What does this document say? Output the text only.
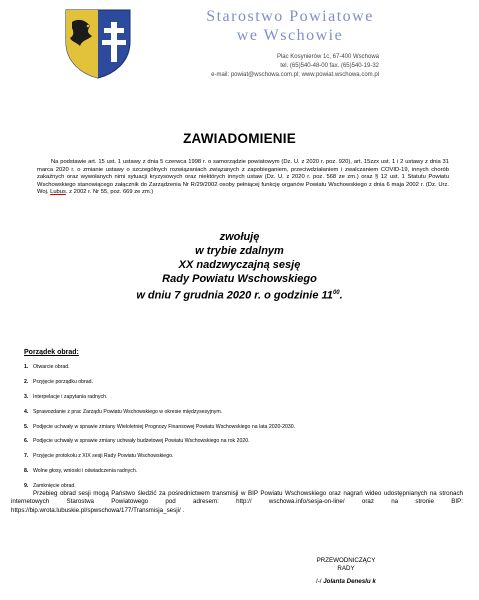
Starostwo Powiatowe
we Wschowie
Plac Kosynierów 1c, 67-400 Wschowa
tel. (65)540-48-00 fax. (65)540-19-32
e-mail: powiat@wschowa.com.pl; www.powiat.wschowa.com.pl
ZAWIADOMIENIE
Na podstawie art. 15 ust. 1 ustawy z dnia 5 czerwca 1998 r. o samorządzie powiatowym (Dz. U. z 2020 r. poz. 920), art. 15zzx ust. 1 i 2 ustawy z dnia 31 marca 2020 r. o zmianie ustawy o szczególnych rozwiązaniach związanych z zapobieganiem, przeciwdziałaniem i zwalczaniem COVID-19, innych chorób zakaźnych oraz wywołanych nimi sytuacji kryzysowych oraz niektórych innych ustaw (Dz. U. z 2020 r. poz. 568 ze zm.) oraz § 12 ust. 1 Statutu Powiatu Wschowskiego stanowiącego załącznik do Zarządzenia Nr R/29/2002 osoby pełniącej funkcję organów Powiatu Wschowskiego z dnia 6 maja 2002 r. (Dz. Urz. Woj. Lubus. z 2002 r. Nr 55, poz. 669 ze zm.)
zwołuję
w trybie zdalnym
XX nadzwyczajną sesję
Rady Powiatu Wschowskiego
w dniu 7 grudnia 2020 r. o godzinie $11^{00}$.
Porządek obrad:
1. Otwarcie obrad.
2. Przyjęcie porządku obrad.
3. Interpelacje i zapytania radnych.
4. Sprawozdanie z prac Zarządu Powiatu Wschowskiego w okresie międzysesyjnym.
5. Podjęcie uchwały w sprawie zmiany Wieloletniej Prognozy Finansowej Powiatu Wschowskiego na lata 2020-2030.
6. Podjęcie uchwały w sprawie zmiany uchwały budżetowej Powiatu Wschowskiego na rok 2020.
7. Przyjęcie protokołu z XIX sesji Rady Powiatu Wschowskiego.
8. Wolne głosy, wnioski i oświadczenia radnych.
9. Zamknięcie obrad.
Przebieg obrad sesji mogą Państwo śledzić za pośrednictwem transmisji w BIP Powiatu Wschowskiego oraz nagrań wideo udostępnianych na stronach internetowych Starostwa Powiatowego pod adresem: http:// wschowa.info/sesja-on-line/ oraz na stronie BIP: https://bip.wrota.lubuskie.pl/spwschowa/177/Transmisja_sesji/ .
PRZEWODNICZĄCY
RADY
/-/ Jolanta Deneslu k
